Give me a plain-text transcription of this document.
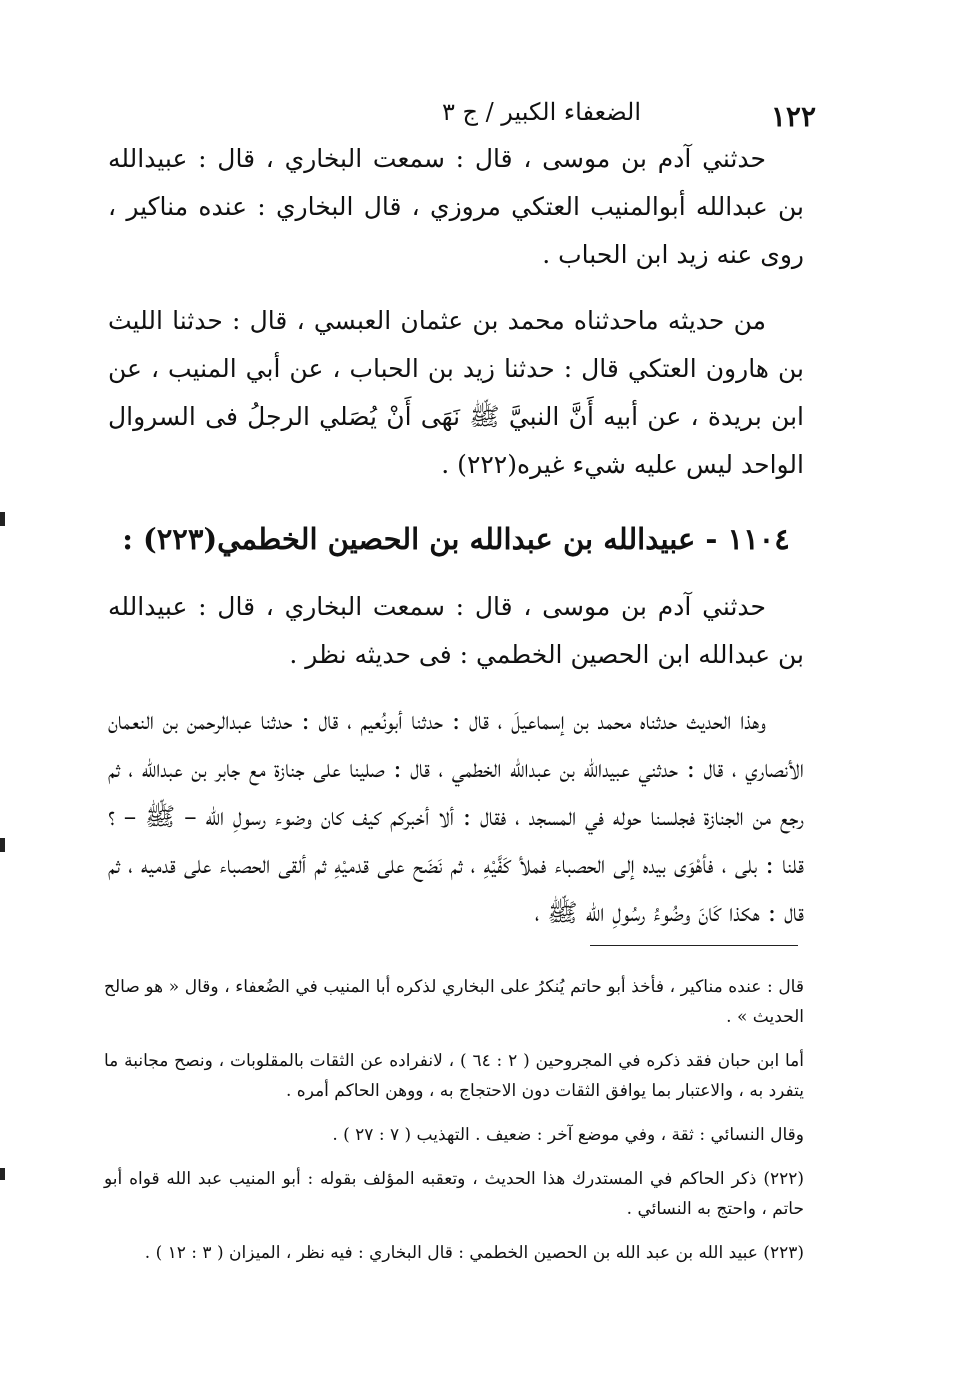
١٢٢
الضعفاء الكبير / ج ٣

حدثني آدم بن موسى ، قال : سمعت البخاري ، قال : عبيدالله بن عبدالله أبوالمنيب العتكي مروزي ، قال البخاري : عنده مناكير ، روى عنه زيد ابن الحباب .

من حديثه ماحدثناه محمد بن عثمان العبسي ، قال : حدثنا الليث بن هارون العتكي قال : حدثنا زيد بن الحباب ، عن أبي المنيب ، عن ابن بريدة ، عن أبيه أَنَّ النبيَّ ﷺ نَهَى أَنْ يُصَلي الرجلُ فى السروال الواحد ليس عليه شيء غيره(٢٢٢) .

١١٠٤ - عبيدالله بن عبدالله بن الحصين الخطمي(٢٢٣) :

حدثني آدم بن موسى ، قال : سمعت البخاري ، قال : عبيدالله بن عبدالله ابن الحصين الخطمي : فى حديثه نظر .

وهذا الحديث حدثناه محمد بن إسماعيلَ ، قال : حدثنا أبونُعيم ، قال : حدثنا عبدالرحمن بن النعمان الأنصاري ، قال : حدثني عبيدالله بن عبدالله الخطمي ، قال : صلينا على جنازة مع جابر بن عبدالله ، ثم رجع من الجنازة فجلسنا حوله في المسجد ، فقال : ألا أخبركم كيف كان وضوء رسولِ الله – ﷺ – ؟ قلنا : بلى ، فأهْوَى بيده إلى الحصباء فملأ كَفَّيْهِ ، ثم نَضَح على قدميْهِ ثم ألقى الحصباء على قدميه ، ثم قال : هكذا كَانَ وضُوءُ رسُولِ الله ﷺ ،

قال : عنده مناكير ، فأخذ أبو حاتم يُنكرُ على البخاري لذكره أبا المنيب في الضُعفاء ، وقال « هو صالح الحديث » .

أما ابن حبان فقد ذكره في المجروحين ( ٢ : ٦٤ ) ، لانفراده عن الثقات بالمقلوبات ، ونصح مجانبة ما يتفرد به ، والاعتبار بما يوافق الثقات دون الاحتجاج به ، ووهن الحاكم أمره .

وقال النسائي : ثقة ، وفي موضع آخر : ضعيف . التهذيب ( ٧ : ٢٧ ) .

(٢٢٢) ذكر الحاكم في المستدرك هذا الحديث ، وتعقبه المؤلف بقوله : أبو المنيب عبد الله قواه أبو حاتم ، واحتج به النسائي .

(٢٢٣) عبيد الله بن عبد الله بن الحصين الخطمي : قال البخاري : فيه نظر ، الميزان ( ٣ : ١٢ ) .
